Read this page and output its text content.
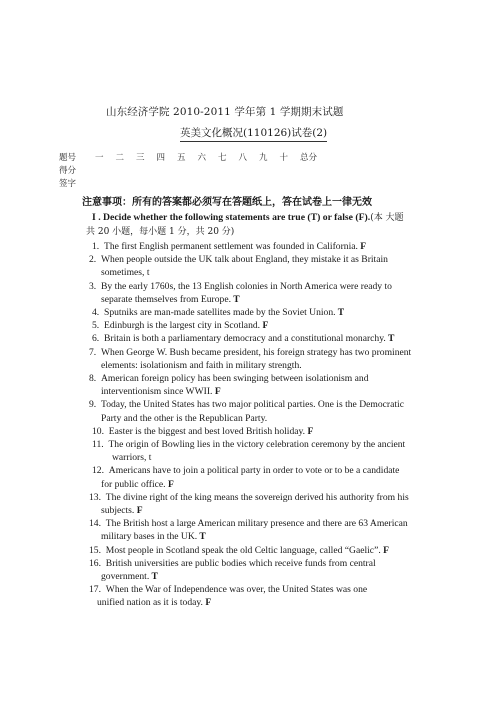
山东经济学院 2010-2011 学年第 1 学期期末试题
英美文化概况(110126)试卷(2)
题号	一	二	三	四	五	六	七	八	九	十	总分
得分
签字
注意事项：所有的答案都必须写在答题纸上，答在试卷上一律无效
I . Decide whether the following statements are true (T) or false (F).(本 大题
共 20 小题，每小题 1 分，共 20 分)
1.  The first English permanent settlement was founded in California. F
2.  When people outside the UK talk about England, they mistake it as Britain
sometimes, t
3.  By the early 1760s, the 13 English colonies in North America were ready to
separate themselves from Europe. T
4.  Sputniks are man-made satellites made by the Soviet Union. T
5.  Edinburgh is the largest city in Scotland. F
6.  Britain is both a parliamentary democracy and a constitutional monarchy. T
7.  When George W. Bush became president, his foreign strategy has two prominent
elements: isolationism and faith in military strength.
8.  American foreign policy has been swinging between isolationism and
interventionism since WWII. F
9.  Today, the United States has two major political parties. One is the Democratic
Party and the other is the Republican Party.
10.  Easter is the biggest and best loved British holiday. F
11.  The origin of Bowling lies in the victory celebration ceremony by the ancient
warriors, t
12.  Americans have to join a political party in order to vote or to be a candidate
for public office. F
13.  The divine right of the king means the sovereign derived his authority from his
subjects. F
14.  The British host a large American military presence and there are 63 American
military bases in the UK. T
15.  Most people in Scotland speak the old Celtic language, called “Gaelic”. F
16.  British universities are public bodies which receive funds from central
government. T
17.  When the War of Independence was over, the United States was one
unified nation as it is today. F
